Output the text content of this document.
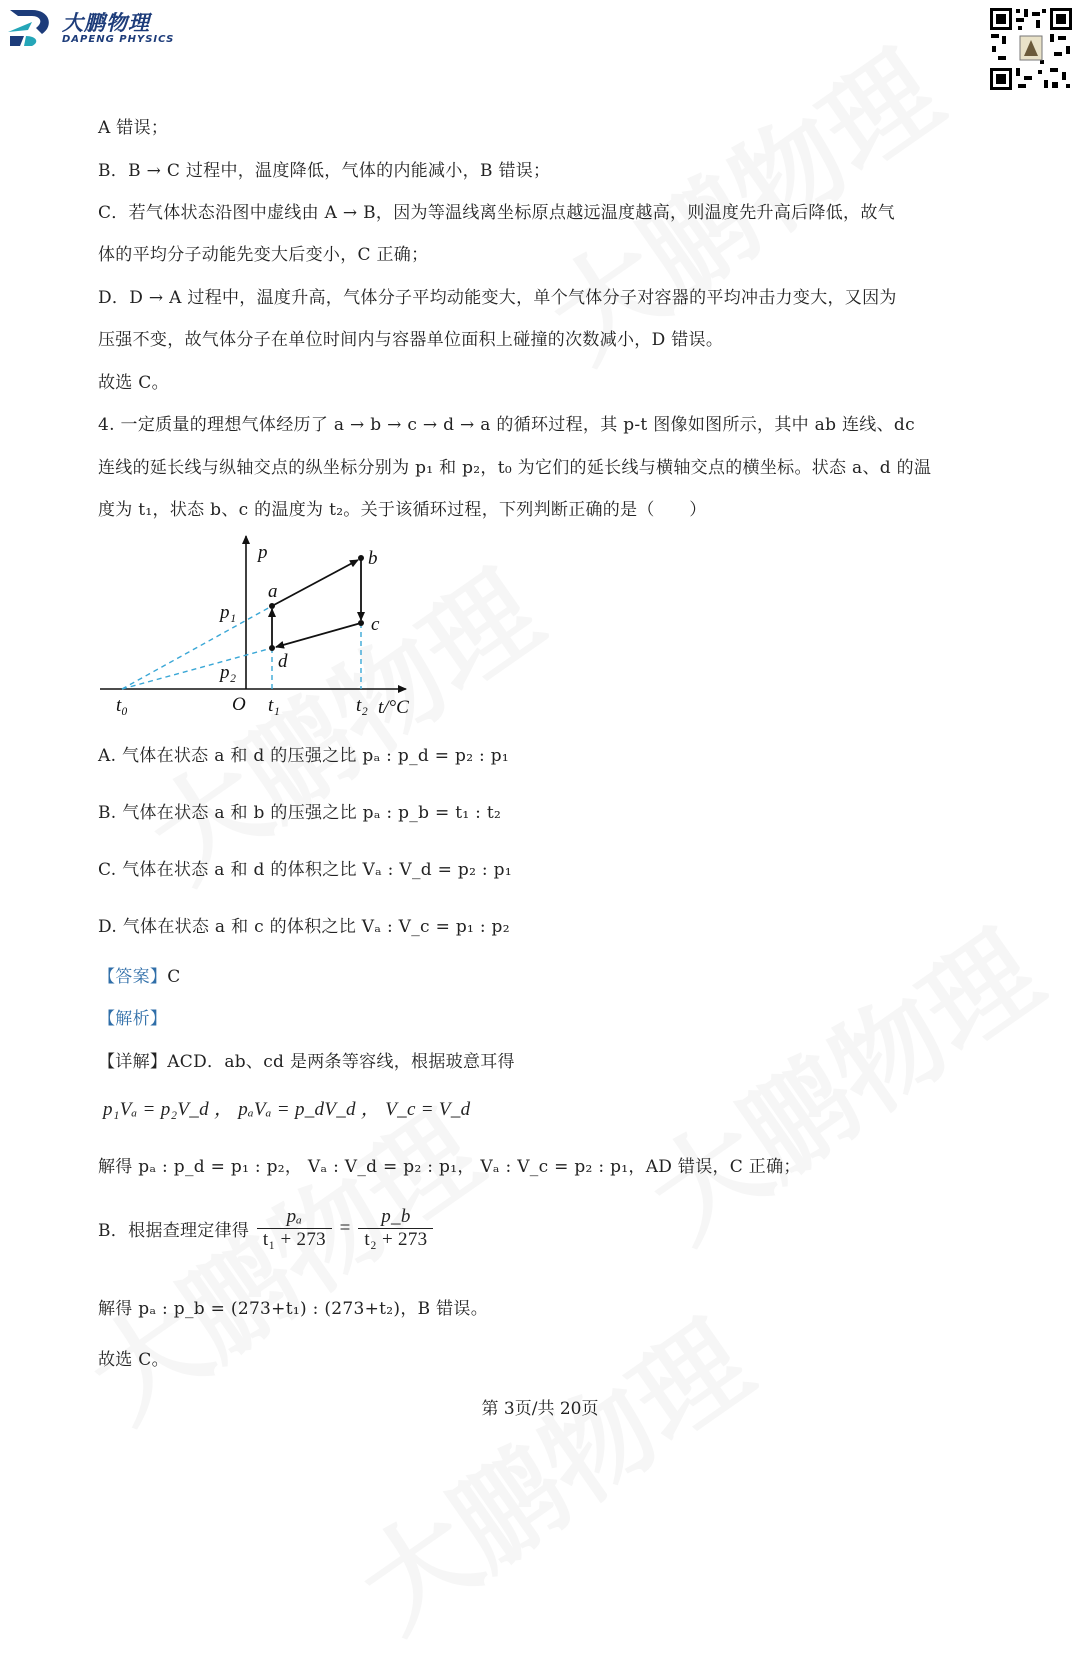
大鹏物理
DAPENG PHYSICS
A 错误；
B．B → C 过程中，温度降低，气体的内能减小，B 错误；
C．若气体状态沿图中虚线由 A → B，因为等温线离坐标原点越远温度越高，则温度先升高后降低，故气
体的平均分子动能先变大后变小，C 正确；
D．D → A 过程中，温度升高，气体分子平均动能变大，单个气体分子对容器的平均冲击力变大，又因为
压强不变，故气体分子在单位时间内与容器单位面积上碰撞的次数减小，D 错误。
故选 C。
4. 一定质量的理想气体经历了 a → b → c → d → a 的循环过程，其 p-t 图像如图所示，其中 ab 连线、dc
连线的延长线与纵轴交点的纵坐标分别为 p₁ 和 p₂，t₀ 为它们的延长线与横轴交点的横坐标。状态 a、d 的温
度为 t₁，状态 b、c 的温度为 t₂。关于该循环过程，下列判断正确的是（　　）
p
a
b
c
d
p₁
p₂
t₀	O t₁	t₂ t/°C
A. 气体在状态 a 和 d 的压强之比 pₐ : p_d = p₂ : p₁
B. 气体在状态 a 和 b 的压强之比 pₐ : p_b = t₁ : t₂
C. 气体在状态 a 和 d 的体积之比 Vₐ : V_d = p₂ : p₁
D. 气体在状态 a 和 c 的体积之比 Vₐ : V_c = p₁ : p₂
【答案】C
【解析】
【详解】ACD．ab、cd 是两条等容线，根据玻意耳得
p₁Vₐ = p₂V_d ， pₐVₐ = p_dV_d ， V_c = V_d
解得 pₐ : p_d = p₁ : p₂， Vₐ : V_d = p₂ : p₁， Vₐ : V_c = p₂ : p₁，AD 错误，C 正确；
B．根据查理定律得 $\frac{\text{pₐ}}{\text{t₁ + 273}} = \frac{p\_b}{\text{t₂ + 273}}$
解得 pₐ : p_b = (273+t₁) : (273+t₂)，B 错误。
故选 C。
第 3页/共 20页
